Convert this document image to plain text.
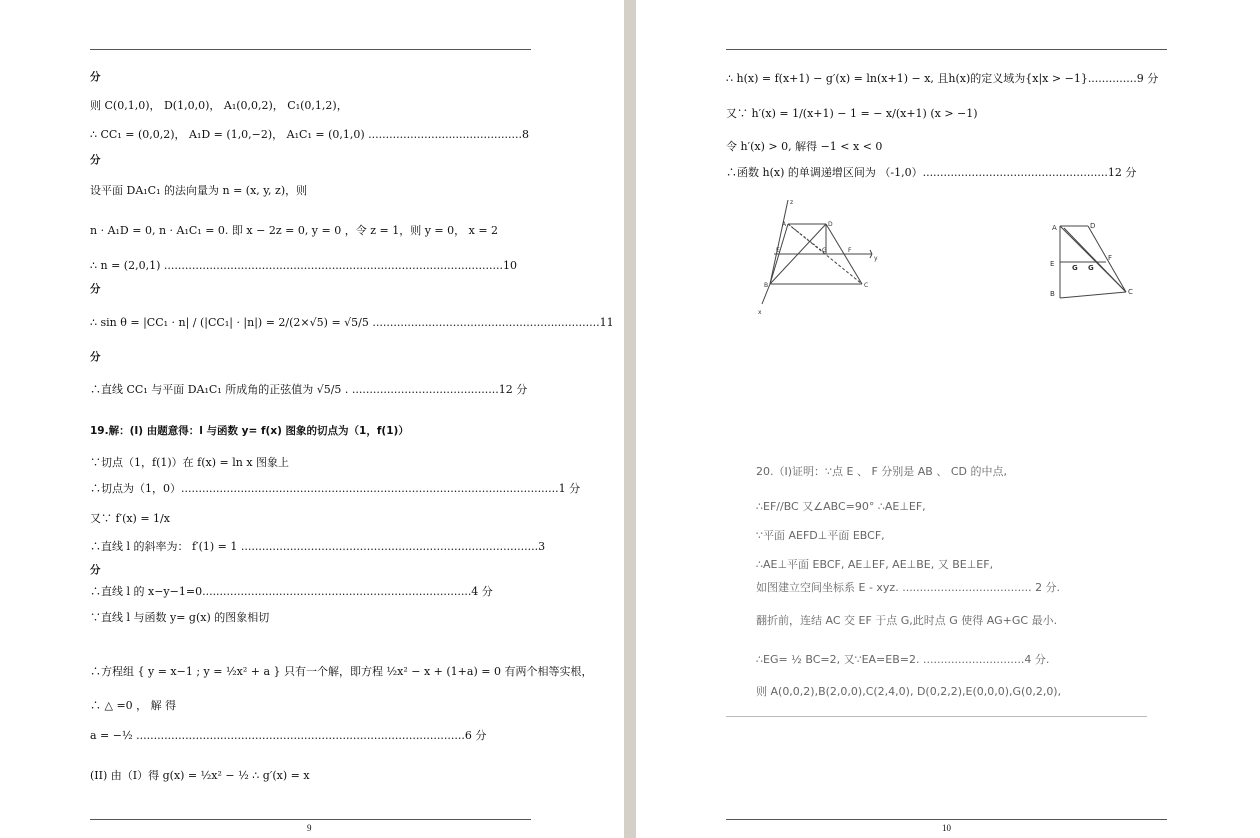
分
则 C(0,1,0)， D(1,0,0)， A₁(0,0,2)， C₁(0,1,2)，
∴ CC₁ = (0,0,2)， A₁D = (1,0,−2)， A₁C₁ = (0,1,0) ............................................8
分
设平面 DA₁C₁ 的法向量为 n = (x, y, z)，则
n · A₁D = 0, n · A₁C₁ = 0. 即 x − 2z = 0, y = 0 ，令 z = 1，则 y = 0， x = 2
∴ n = (2,0,1) .................................................................................................10
分
∴ sin θ = |CC₁ · n| / (|CC₁| · |n|) = 2/(2×√5) = √5/5 .................................................................11
分
∴直线 CC₁ 与平面 DA₁C₁ 所成角的正弦值为 √5/5 . ..........................................12 分
19.解：(I) 由题意得：l 与函数 y= f(x) 图象的切点为（1，f(1)）
∵切点（1，f(1)）在 f(x) = ln x 图象上
∴切点为（1，0）............................................................................................................1 分
又∵ f′(x) = 1/x
∴直线 l 的斜率为： f′(1) = 1 .....................................................................................3
分
∴直线 l 的 x−y−1=0.............................................................................4 分
∵直线 l 与函数 y= g(x) 的图象相切
∴方程组 { y = x−1 ; y = ½x² + a } 只有一个解，即方程 ½x² − x + (1+a) = 0 有两个相等实根，
∴ △ =0 ， 解 得
a = −½ ..............................................................................................6 分
(II) 由（I）得 g(x) = ½x² − ½ ∴ g′(x) = x
9
∴ h(x) = f(x+1) − g′(x) = ln(x+1) − x, 且h(x)的定义域为{x|x > −1}..............9 分
又∵ h′(x) = 1/(x+1) − 1 = − x/(x+1) (x > −1)
令 h′(x) > 0, 解得 −1 < x < 0
∴函数 h(x) 的单调递增区间为 （-1,0）.....................................................12 分
z
A	D
G
E	F
B	C
y
x
A	D
E	G G
F
B	C
20.（Ⅰ)证明：∵点 E 、 F 分别是 AB 、 CD 的中点,
∴EF//BC 又∠ABC=90° ∴AE⊥EF,
∵平面 AEFD⊥平面 EBCF,
∴AE⊥平面 EBCF, AE⊥EF, AE⊥BE, 又 BE⊥EF,
如图建立空间坐标系 E - xyz. ..................................... 2 分.
翻折前，连结 AC 交 EF 于点 G,此时点 G 使得 AG+GC 最小.
∴EG= ½ BC=2, 又∵EA=EB=2. .............................4 分.
则 A(0,0,2),B(2,0,0),C(2,4,0), D(0,2,2),E(0,0,0),G(0,2,0),
10
